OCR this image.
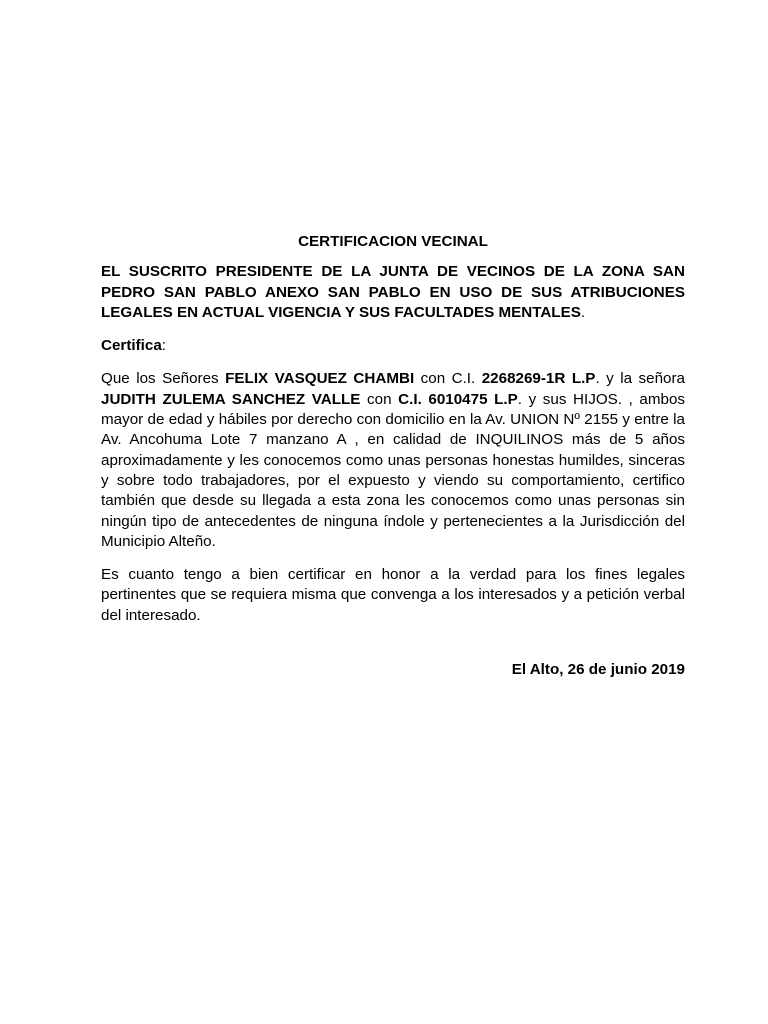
CERTIFICACION VECINAL
EL SUSCRITO PRESIDENTE DE LA JUNTA DE VECINOS DE LA ZONA SAN PEDRO SAN PABLO ANEXO SAN PABLO EN USO DE SUS ATRIBUCIONES LEGALES EN ACTUAL VIGENCIA Y SUS FACULTADES MENTALES.
Certifica:
Que los Señores FELIX VASQUEZ CHAMBI con C.I. 2268269-1R L.P. y la señora JUDITH ZULEMA SANCHEZ VALLE con C.I. 6010475 L.P. y sus HIJOS. , ambos mayor de edad y hábiles por derecho con domicilio en la Av. UNION Nº 2155 y entre la Av. Ancohuma Lote 7 manzano A , en calidad de INQUILINOS más de 5 años aproximadamente y les conocemos como unas personas honestas humildes, sinceras y sobre todo trabajadores, por el expuesto y viendo su comportamiento, certifico también que desde su llegada a esta zona les conocemos como unas personas sin ningún tipo de antecedentes de ninguna índole y pertenecientes a la Jurisdicción del Municipio Alteño.
Es cuanto tengo a bien certificar en honor a la verdad para los fines legales pertinentes que se requiera misma que convenga a los interesados y a petición verbal del interesado.
El Alto, 26 de junio 2019
